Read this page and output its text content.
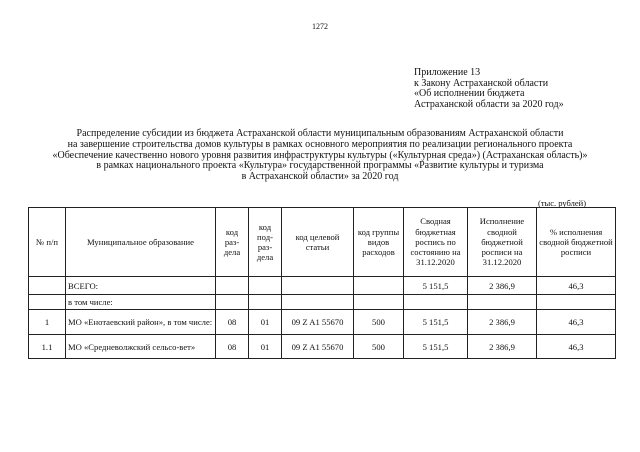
1272
Приложение 13
к Закону Астраханской области
«Об исполнении бюджета
Астраханской области за 2020 год»
Распределение субсидии из бюджета Астраханской области муниципальным образованиям Астраханской области
на завершение строительства домов культуры в рамках основного мероприятия по реализации регионального проекта
«Обеспечение качественно нового уровня развития инфраструктуры культуры («Культурная среда») (Астраханская область)»
в рамках национального проекта «Культура» государственной программы «Развитие культуры и туризма
в Астраханской области» за 2020 год
(тыс. рублей)
№ п/п	Муниципальное образование	код раз-дела	код под-раз-дела	код целевой статьи	код группы видов расходов	Сводная бюджетная роспись по состоянию на 31.12.2020	Исполнение сводной бюджетной росписи на 31.12.2020	% исполнения сводной бюджетной росписи
	ВСЕГО:					5 151,5	2 386,9	46,3
	в том числе:							
1	МО «Енотаевский район», в том числе:	08	01	09 Z A1 55670	500	5 151,5	2 386,9	46,3
1.1	МО «Средневолжский сельсо-вет»	08	01	09 Z A1 55670	500	5 151,5	2 386,9	46,3
